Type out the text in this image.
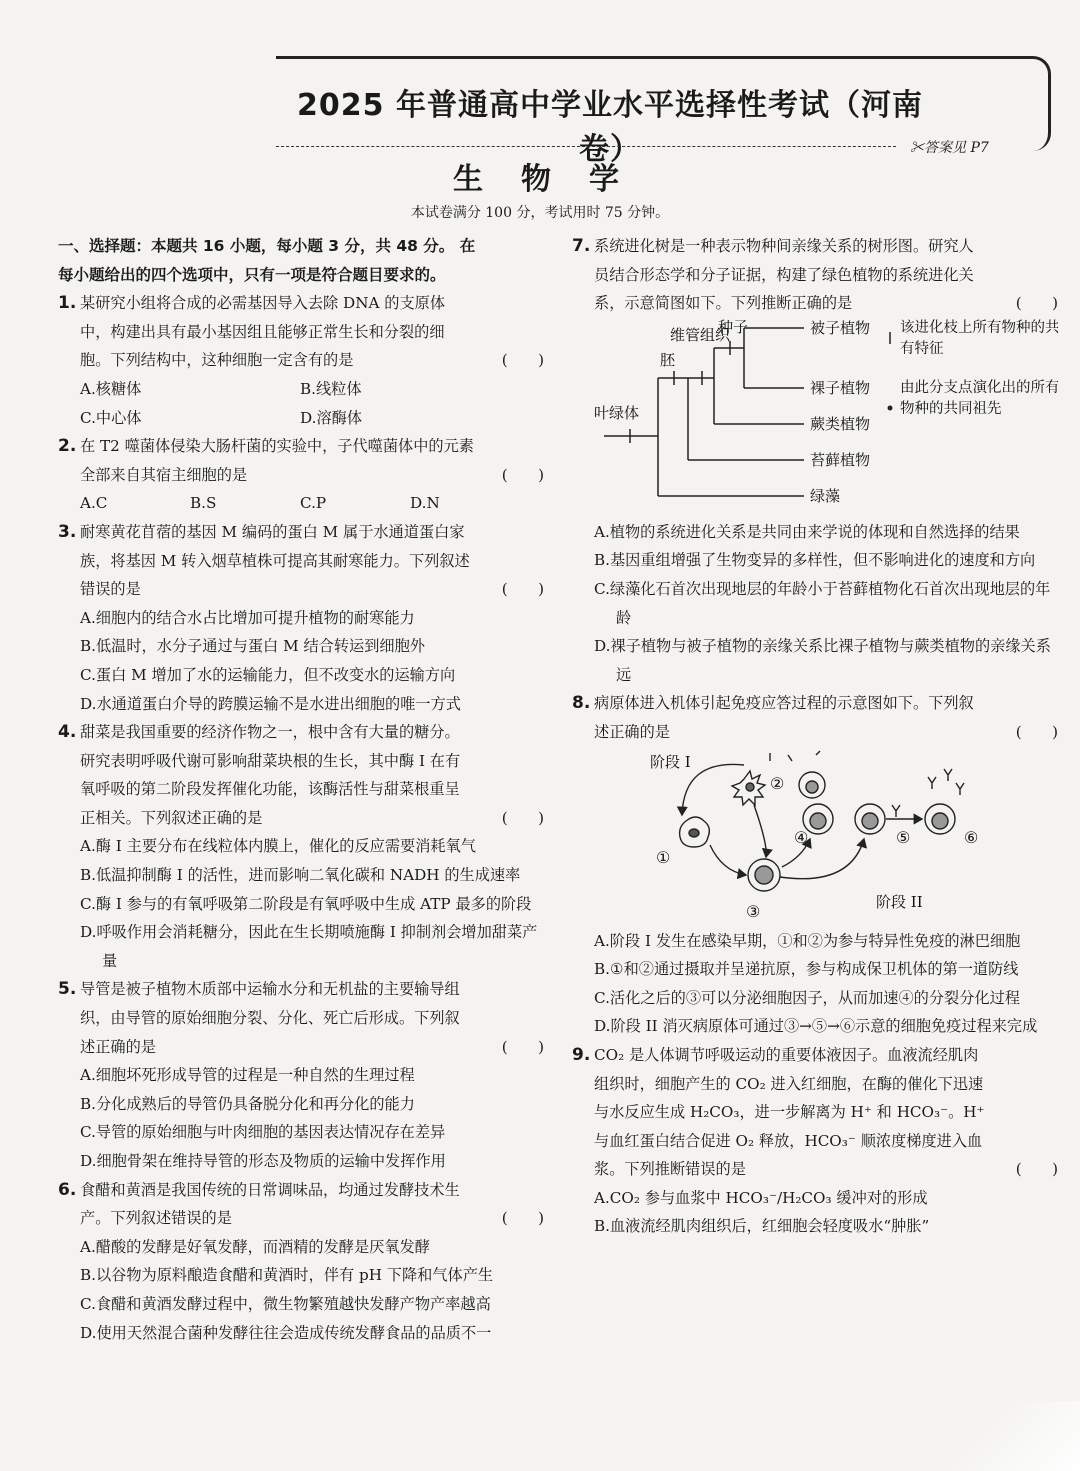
2025 年普通高中学业水平选择性考试（河南卷）	✂答案见 P7
生物学
本试卷满分 100 分，考试用时 75 分钟。
一、选择题：本题共 16 小题，每小题 3 分，共 48 分。 在
每小题给出的四个选项中，只有一项是符合题目要求的。
1. 某研究小组将合成的必需基因导入去除 DNA 的支原体中，构建出具有最小基因组且能够正常生长和分裂的细胞。下列结构中，这种细胞一定含有的是	(　　)
A.核糖体	B.线粒体
C.中心体	D.溶酶体
2. 在 T2 噬菌体侵染大肠杆菌的实验中，子代噬菌体中的元素全部来自其宿主细胞的是	(　　)
A.C	B.S	C.P	D.N
3. 耐寒黄花苜蓿的基因 M 编码的蛋白 M 属于水通道蛋白家族，将基因 M 转入烟草植株可提高其耐寒能力。下列叙述错误的是	(　　)
A.细胞内的结合水占比增加可提升植物的耐寒能力
B.低温时，水分子通过与蛋白 M 结合转运到细胞外
C.蛋白 M 增加了水的运输能力，但不改变水的运输方向
D.水通道蛋白介导的跨膜运输不是水进出细胞的唯一方式
4. 甜菜是我国重要的经济作物之一，根中含有大量的糖分。研究表明呼吸代谢可影响甜菜块根的生长，其中酶 I 在有氧呼吸的第二阶段发挥催化功能，该酶活性与甜菜根重呈正相关。下列叙述正确的是	(　　)
A.酶 I 主要分布在线粒体内膜上，催化的反应需要消耗氧气
B.低温抑制酶 I 的活性，进而影响二氧化碳和 NADH 的生成速率
C.酶 I 参与的有氧呼吸第二阶段是有氧呼吸中生成 ATP 最多的阶段
D.呼吸作用会消耗糖分，因此在生长期喷施酶 I 抑制剂会增加甜菜产量
5. 导管是被子植物木质部中运输水分和无机盐的主要输导组织，由导管的原始细胞分裂、分化、死亡后形成。下列叙述正确的是	(　　)
A.细胞坏死形成导管的过程是一种自然的生理过程
B.分化成熟后的导管仍具备脱分化和再分化的能力
C.导管的原始细胞与叶肉细胞的基因表达情况存在差异
D.细胞骨架在维持导管的形态及物质的运输中发挥作用
6. 食醋和黄酒是我国传统的日常调味品，均通过发酵技术生产。下列叙述错误的是	(　　)
A.醋酸的发酵是好氧发酵，而酒精的发酵是厌氧发酵
B.以谷物为原料酿造食醋和黄酒时，伴有 pH 下降和气体产生
C.食醋和黄酒发酵过程中，微生物繁殖越快发酵产物产率越高
D.使用天然混合菌种发酵往往会造成传统发酵食品的品质不一
7. 系统进化树是一种表示物种间亲缘关系的树形图。研究人员结合形态学和分子证据，构建了绿色植物的系统进化关系，示意简图如下。下列推断正确的是	(　　)
被子植物
裸子植物
蕨类植物
苔藓植物
绿藻
种子
维管组织
胚
叶绿体
该进化枝上所有物种的共有特征
由此分支点演化出的所有物种的共同祖先
A.植物的系统进化关系是共同由来学说的体现和自然选择的结果
B.基因重组增强了生物变异的多样性，但不影响进化的速度和方向
C.绿藻化石首次出现地层的年龄小于苔藓植物化石首次出现地层的年龄
D.裸子植物与被子植物的亲缘关系比裸子植物与蕨类植物的亲缘关系远
8. 病原体进入机体引起免疫应答过程的示意图如下。下列叙述正确的是	(　　)
阶段 I
阶段 II
①
②
③
④	⑤	⑥
A.阶段 I 发生在感染早期，①和②为参与特异性免疫的淋巴细胞
B.①和②通过摄取并呈递抗原，参与构成保卫机体的第一道防线
C.活化之后的③可以分泌细胞因子，从而加速④的分裂分化过程
D.阶段 II 消灭病原体可通过③→⑤→⑥示意的细胞免疫过程来完成
9. CO₂ 是人体调节呼吸运动的重要体液因子。血液流经肌肉组织时，细胞产生的 CO₂ 进入红细胞，在酶的催化下迅速与水反应生成 H₂CO₃，进一步解离为 H⁺ 和 HCO₃⁻。H⁺ 与血红蛋白结合促进 O₂ 释放，HCO₃⁻ 顺浓度梯度进入血浆。下列推断错误的是	(　　)
A.CO₂ 参与血浆中 HCO₃⁻/H₂CO₃ 缓冲对的形成
B.血液流经肌肉组织后，红细胞会轻度吸水“肿胀”
